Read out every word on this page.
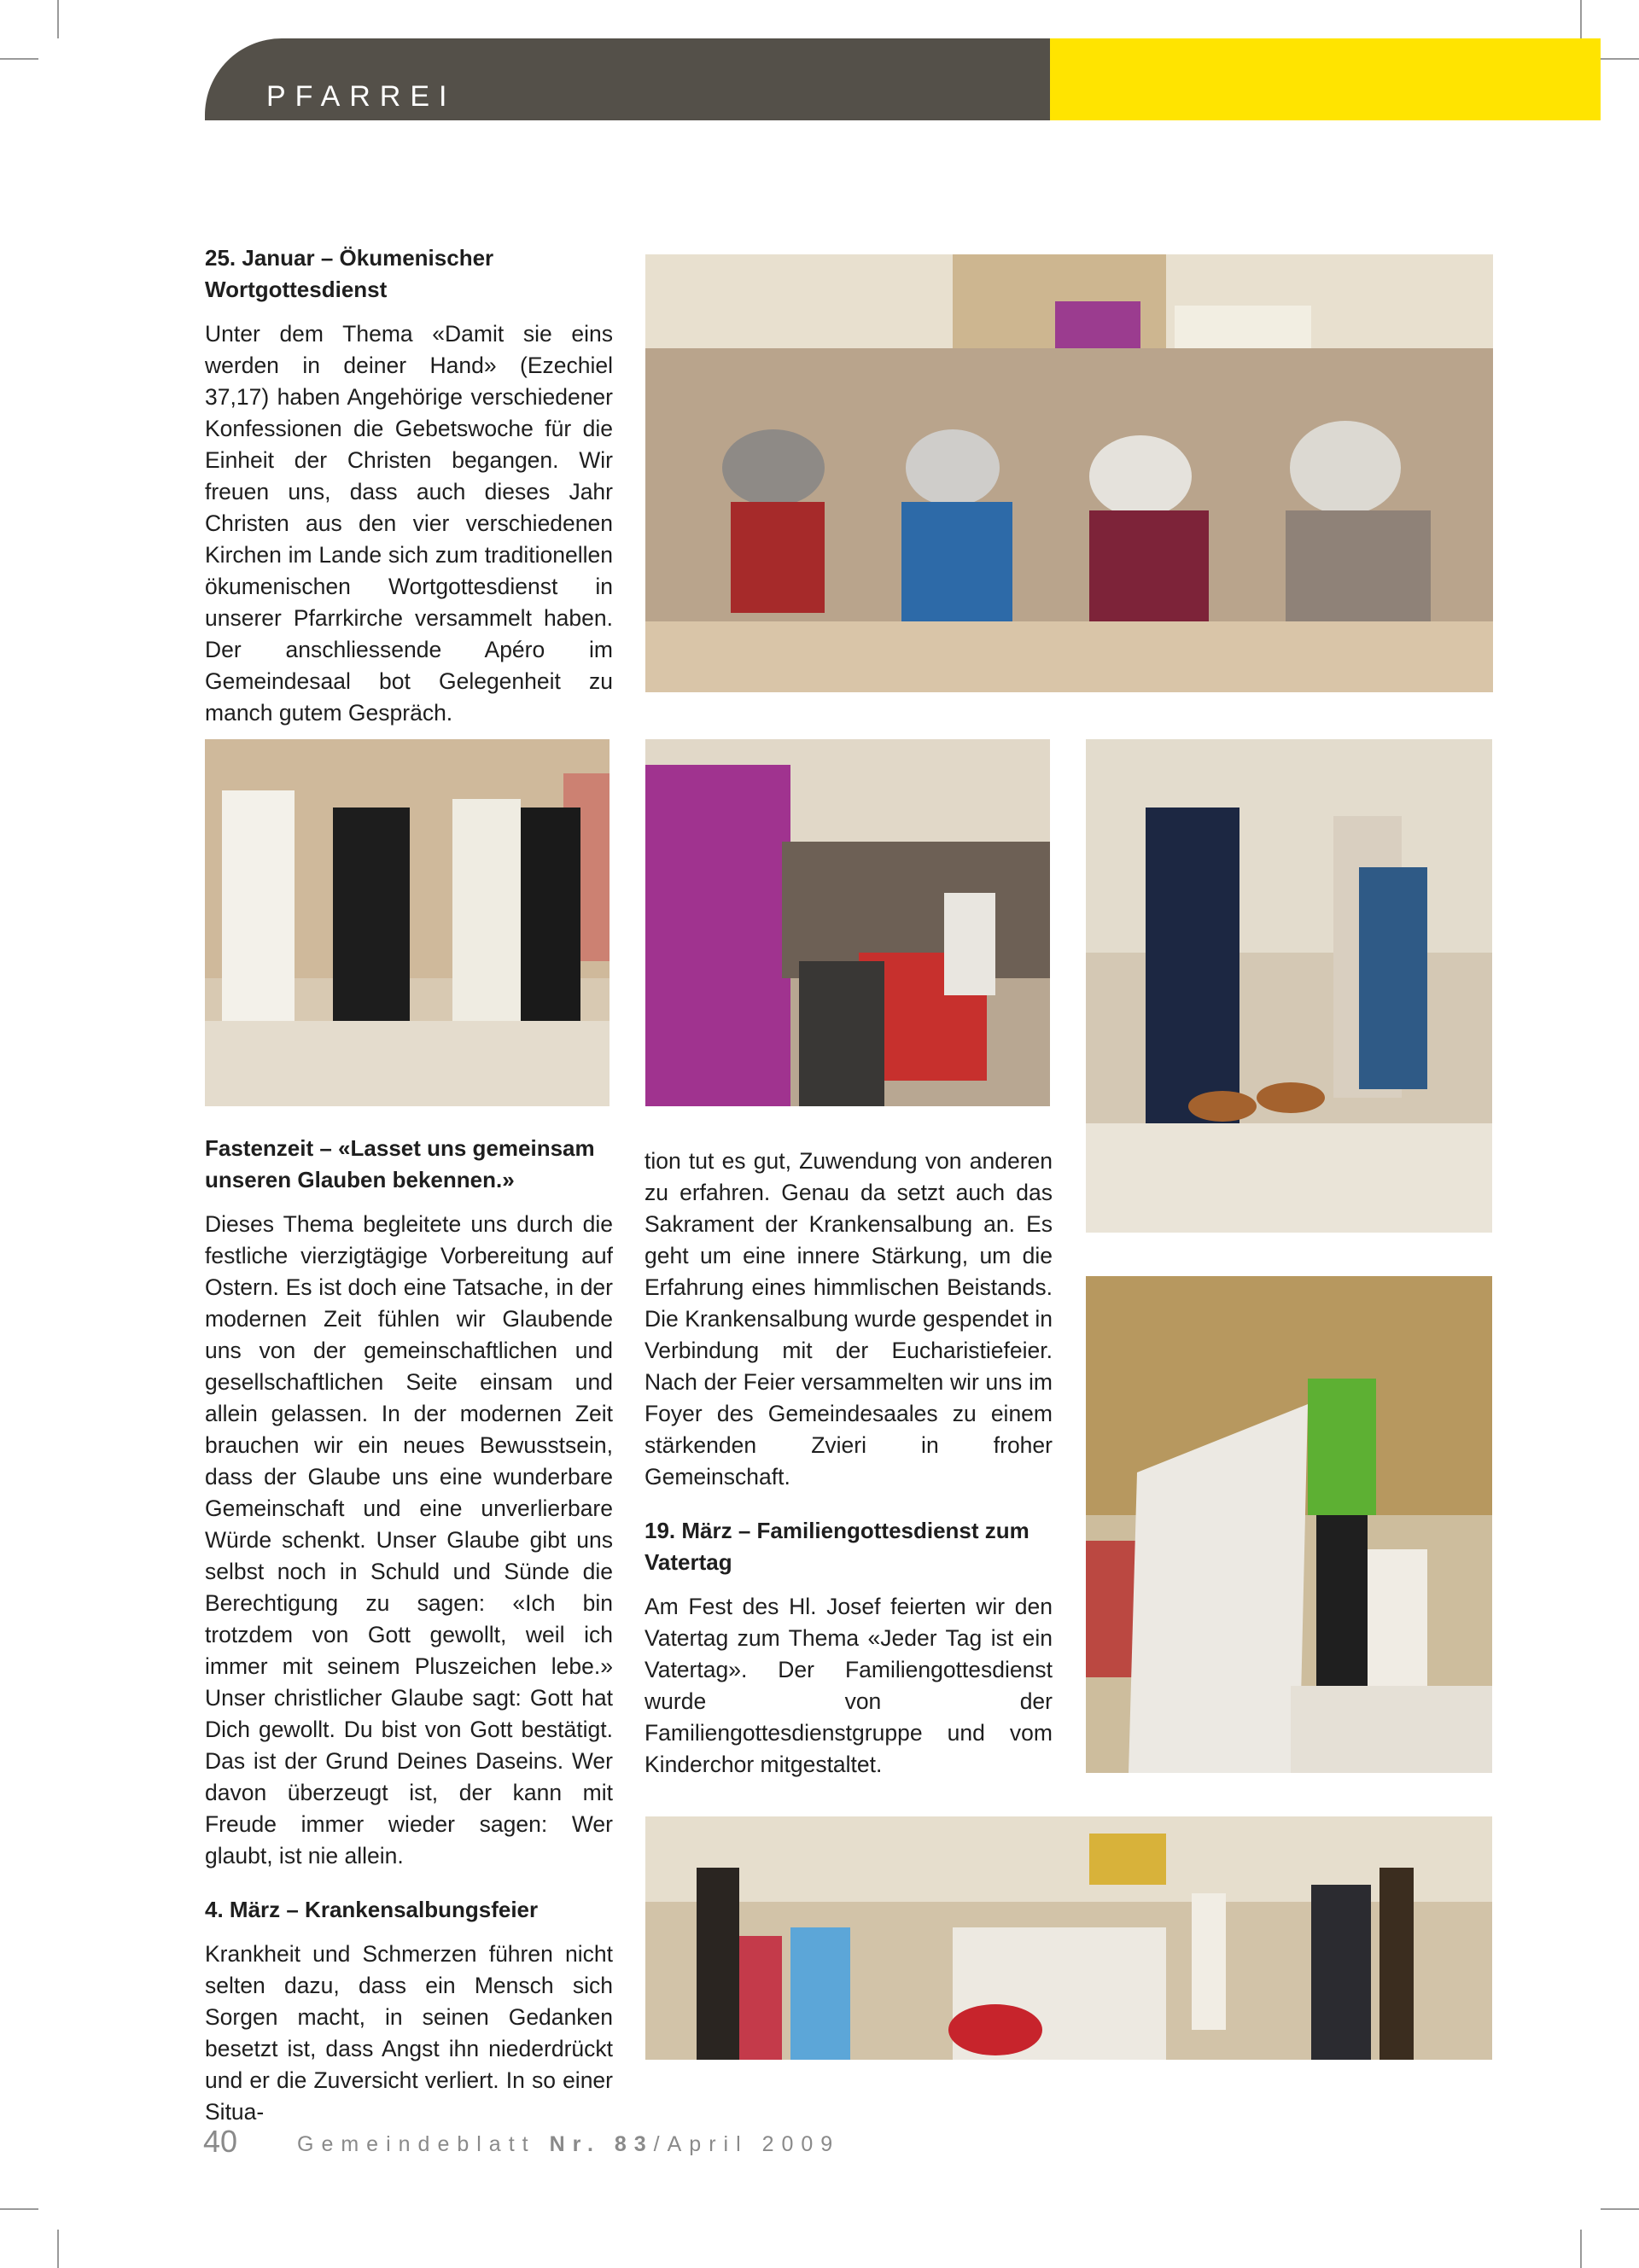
PFARREI
25. Januar – Ökumenischer Wortgottesdienst

Unter dem Thema «Damit sie eins werden in deiner Hand» (Ezechiel 37,17) haben Angehörige verschiedener Konfessionen die Gebetswoche für die Einheit der Christen begangen. Wir freuen uns, dass auch dieses Jahr Christen aus den vier verschiedenen Kirchen im Lande sich zum traditionellen ökumenischen Wortgottesdienst in unserer Pfarrkirche versammelt haben. Der anschliessende Apéro im Gemeindesaal bot Gelegenheit zu manch gutem Gespräch.

Fastenzeit – «Lasset uns gemeinsam unseren Glauben bekennen.»

Dieses Thema begleitete uns durch die festliche vierzigtägige Vorbereitung auf Ostern. Es ist doch eine Tatsache, in der modernen Zeit fühlen wir Glaubende uns von der gemeinschaftlichen und gesellschaftlichen Seite einsam und allein gelassen. In der modernen Zeit brauchen wir ein neues Bewusstsein, dass der Glaube uns eine wunderbare Gemeinschaft und eine unverlierbare Würde schenkt. Unser Glaube gibt uns selbst noch in Schuld und Sünde die Berechtigung zu sagen: «Ich bin trotzdem von Gott gewollt, weil ich immer mit seinem Pluszeichen lebe.» Unser christlicher Glaube sagt: Gott hat Dich gewollt. Du bist von Gott bestätigt. Das ist der Grund Deines Daseins. Wer davon überzeugt ist, der kann mit Freude immer wieder sagen: Wer glaubt, ist nie allein.

4. März – Krankensalbungsfeier

Krankheit und Schmerzen führen nicht selten dazu, dass ein Mensch sich Sorgen macht, in seinen Gedanken besetzt ist, dass Angst ihn niederdrückt und er die Zuversicht verliert. In so einer Situa-

tion tut es gut, Zuwendung von anderen zu erfahren. Genau da setzt auch das Sakrament der Krankensalbung an. Es geht um eine innere Stärkung, um die Erfahrung eines himmlischen Beistands. Die Krankensalbung wurde gespendet in Verbindung mit der Eucharistiefeier. Nach der Feier versammelten wir uns im Foyer des Gemeindesaales zu einem stärkenden Zvieri in froher Gemeinschaft.

19. März – Familiengottesdienst zum Vatertag

Am Fest des Hl. Josef feierten wir den Vatertag zum Thema «Jeder Tag ist ein Vatertag». Der Familiengottesdienst wurde von der Familiengottesdienstgruppe und vom Kinderchor mitgestaltet.

40	Gemeindeblatt Nr. 83/April 2009
